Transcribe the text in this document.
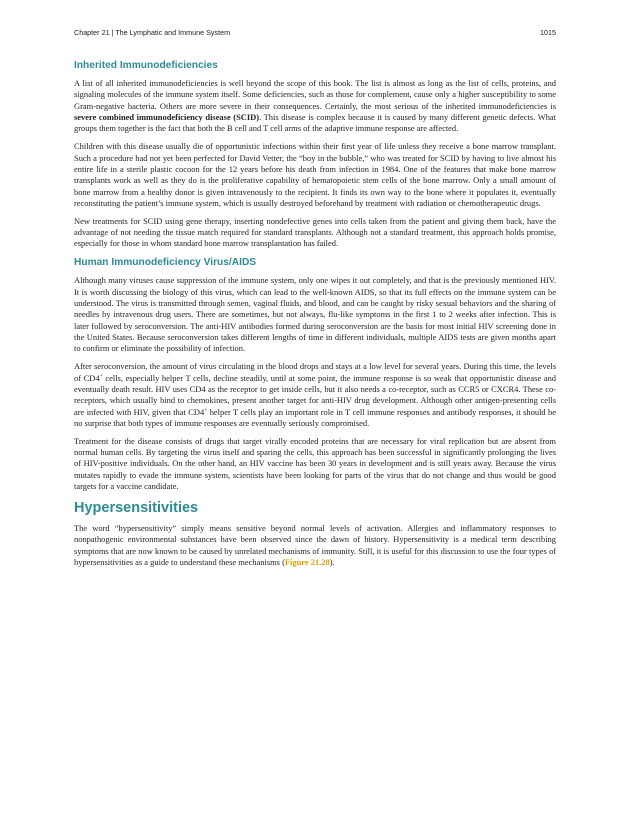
Chapter 21 | The Lymphatic and Immune System	1015
Inherited Immunodeficiencies

A list of all inherited immunodeficiencies is well beyond the scope of this book. The list is almost as long as the list of cells, proteins, and signaling molecules of the immune system itself. Some deficiencies, such as those for complement, cause only a higher susceptibility to some Gram-negative bacteria. Others are more severe in their consequences. Certainly, the most serious of the inherited immunodeficiencies is severe combined immunodeficiency disease (SCID). This disease is complex because it is caused by many different genetic defects. What groups them together is the fact that both the B cell and T cell arms of the adaptive immune response are affected.

Children with this disease usually die of opportunistic infections within their first year of life unless they receive a bone marrow transplant. Such a procedure had not yet been perfected for David Vetter, the “boy in the bubble,” who was treated for SCID by having to live almost his entire life in a sterile plastic cocoon for the 12 years before his death from infection in 1984. One of the features that make bone marrow transplants work as well as they do is the proliferative capability of hematopoietic stem cells of the bone marrow. Only a small amount of bone marrow from a healthy donor is given intravenously to the recipient. It finds its own way to the bone where it populates it, eventually reconstituting the patient’s immune system, which is usually destroyed beforehand by treatment with radiation or chemotherapeutic drugs.

New treatments for SCID using gene therapy, inserting nondefective genes into cells taken from the patient and giving them back, have the advantage of not needing the tissue match required for standard transplants. Although not a standard treatment, this approach holds promise, especially for those in whom standard bone marrow transplantation has failed.

Human Immunodeficiency Virus/AIDS

Although many viruses cause suppression of the immune system, only one wipes it out completely, and that is the previously mentioned HIV. It is worth discussing the biology of this virus, which can lead to the well-known AIDS, so that its full effects on the immune system can be understood. The virus is transmitted through semen, vaginal fluids, and blood, and can be caught by risky sexual behaviors and the sharing of needles by intravenous drug users. There are sometimes, but not always, flu-like symptoms in the first 1 to 2 weeks after infection. This is later followed by seroconversion. The anti-HIV antibodies formed during seroconversion are the basis for most initial HIV screening done in the United States. Because seroconversion takes different lengths of time in different individuals, multiple AIDS tests are given months apart to confirm or eliminate the possibility of infection.

After seroconversion, the amount of virus circulating in the blood drops and stays at a low level for several years. During this time, the levels of CD4+ cells, especially helper T cells, decline steadily, until at some point, the immune response is so weak that opportunistic disease and eventually death result. HIV uses CD4 as the receptor to get inside cells, but it also needs a co-receptor, such as CCR5 or CXCR4. These co-receptors, which usually bind to chemokines, present another target for anti-HIV drug development. Although other antigen-presenting cells are infected with HIV, given that CD4+ helper T cells play an important role in T cell immune responses and antibody responses, it should be no surprise that both types of immune responses are eventually seriously compromised.

Treatment for the disease consists of drugs that target virally encoded proteins that are necessary for viral replication but are absent from normal human cells. By targeting the virus itself and sparing the cells, this approach has been successful in significantly prolonging the lives of HIV-positive individuals. On the other hand, an HIV vaccine has been 30 years in development and is still years away. Because the virus mutates rapidly to evade the immune system, scientists have been looking for parts of the virus that do not change and thus would be good targets for a vaccine candidate.

Hypersensitivities

The word “hypersensitivity” simply means sensitive beyond normal levels of activation. Allergies and inflammatory responses to nonpathogenic environmental substances have been observed since the dawn of history. Hypersensitivity is a medical term describing symptoms that are now known to be caused by unrelated mechanisms of immunity. Still, it is useful for this discussion to use the four types of hypersensitivities as a guide to understand these mechanisms (Figure 21.28).
